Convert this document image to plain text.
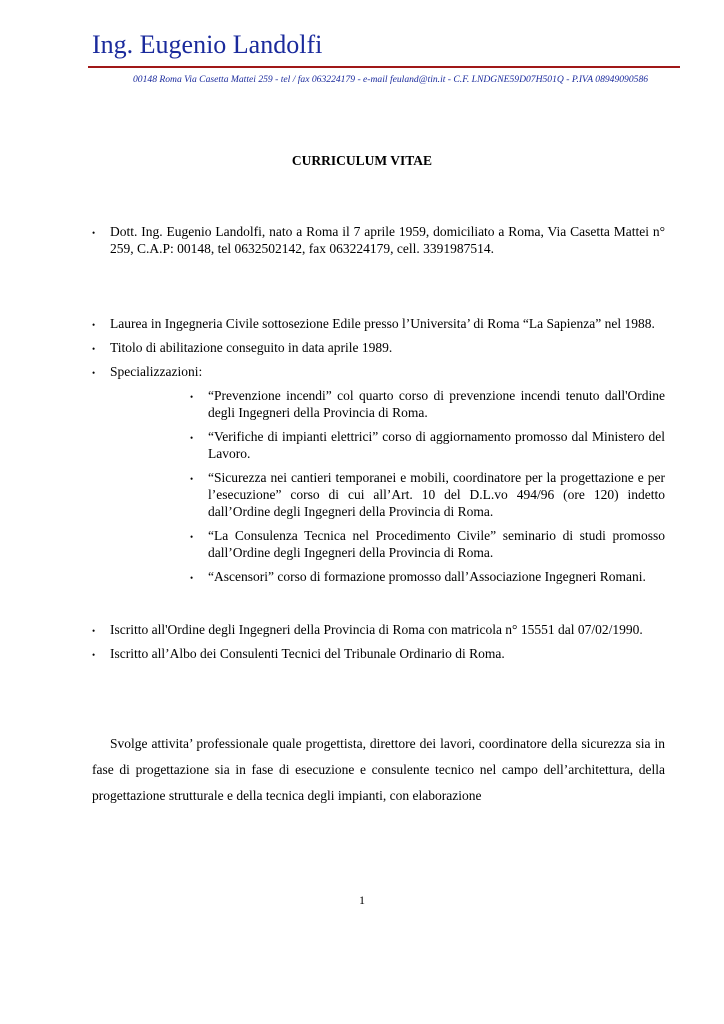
Ing. Eugenio Landolfi

00148 Roma Via Casetta Mattei 259 - tel / fax 063224179 - e-mail feuland@tin.it - C.F. LNDGNE59D07H501Q - P.IVA 08949090586

CURRICULUM VITAE

• Dott. Ing. Eugenio Landolfi, nato a Roma il 7 aprile 1959, domiciliato a Roma, Via Casetta Mattei n° 259, C.A.P: 00148, tel 0632502142, fax 063224179, cell. 3391987514.

• Laurea in Ingegneria Civile sottosezione Edile presso l’Universita’ di Roma “La Sapienza” nel 1988.

• Titolo di abilitazione conseguito in data aprile 1989.

• Specializzazioni:

• “Prevenzione incendi” col quarto corso di prevenzione incendi tenuto dall'Ordine degli Ingegneri della Provincia di Roma.

• “Verifiche di impianti elettrici” corso di aggiornamento promosso dal Ministero del Lavoro.

• “Sicurezza nei cantieri temporanei e mobili, coordinatore per la progettazione e per l’esecuzione” corso di cui all’Art. 10 del D.L.vo 494/96 (ore 120) indetto dall’Ordine degli Ingegneri della Provincia di Roma.

• “La Consulenza Tecnica nel Procedimento Civile” seminario di studi promosso dall’Ordine degli Ingegneri della Provincia di Roma.

• “Ascensori” corso di formazione promosso dall’Associazione Ingegneri Romani.

• Iscritto all'Ordine degli Ingegneri della Provincia di Roma con matricola n° 15551 dal 07/02/1990.

• Iscritto all’Albo dei Consulenti Tecnici del Tribunale Ordinario di Roma.

Svolge attivita’ professionale quale progettista, direttore dei lavori, coordinatore della sicurezza sia in fase di progettazione sia in fase di esecuzione e consulente tecnico nel campo dell’architettura, della progettazione strutturale e della tecnica degli impianti, con elaborazione

1
